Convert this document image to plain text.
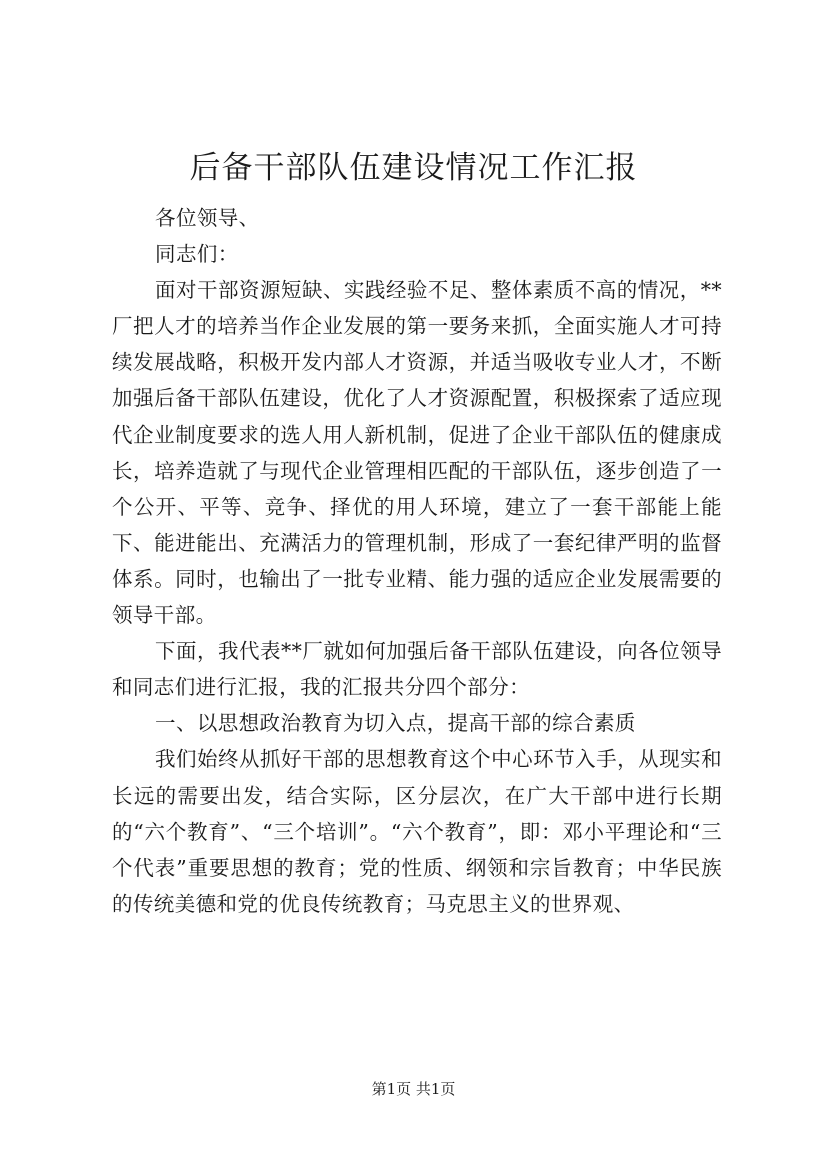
后备干部队伍建设情况工作汇报

各位领导、

同志们：

面对干部资源短缺、实践经验不足、整体素质不高的情况，**厂把人才的培养当作企业发展的第一要务来抓，全面实施人才可持续发展战略，积极开发内部人才资源，并适当吸收专业人才，不断加强后备干部队伍建设，优化了人才资源配置，积极探索了适应现代企业制度要求的选人用人新机制，促进了企业干部队伍的健康成长，培养造就了与现代企业管理相匹配的干部队伍，逐步创造了一个公开、平等、竞争、择优的用人环境，建立了一套干部能上能下、能进能出、充满活力的管理机制，形成了一套纪律严明的监督体系。同时，也输出了一批专业精、能力强的适应企业发展需要的领导干部。

下面，我代表**厂就如何加强后备干部队伍建设，向各位领导和同志们进行汇报，我的汇报共分四个部分：

一、以思想政治教育为切入点，提高干部的综合素质

我们始终从抓好干部的思想教育这个中心环节入手，从现实和长远的需要出发，结合实际，区分层次，在广大干部中进行长期的“六个教育”、“三个培训”。“六个教育”，即：邓小平理论和“三个代表”重要思想的教育；党的性质、纲领和宗旨教育；中华民族的传统美德和党的优良传统教育；马克思主义的世界观、

第1页 共1页
